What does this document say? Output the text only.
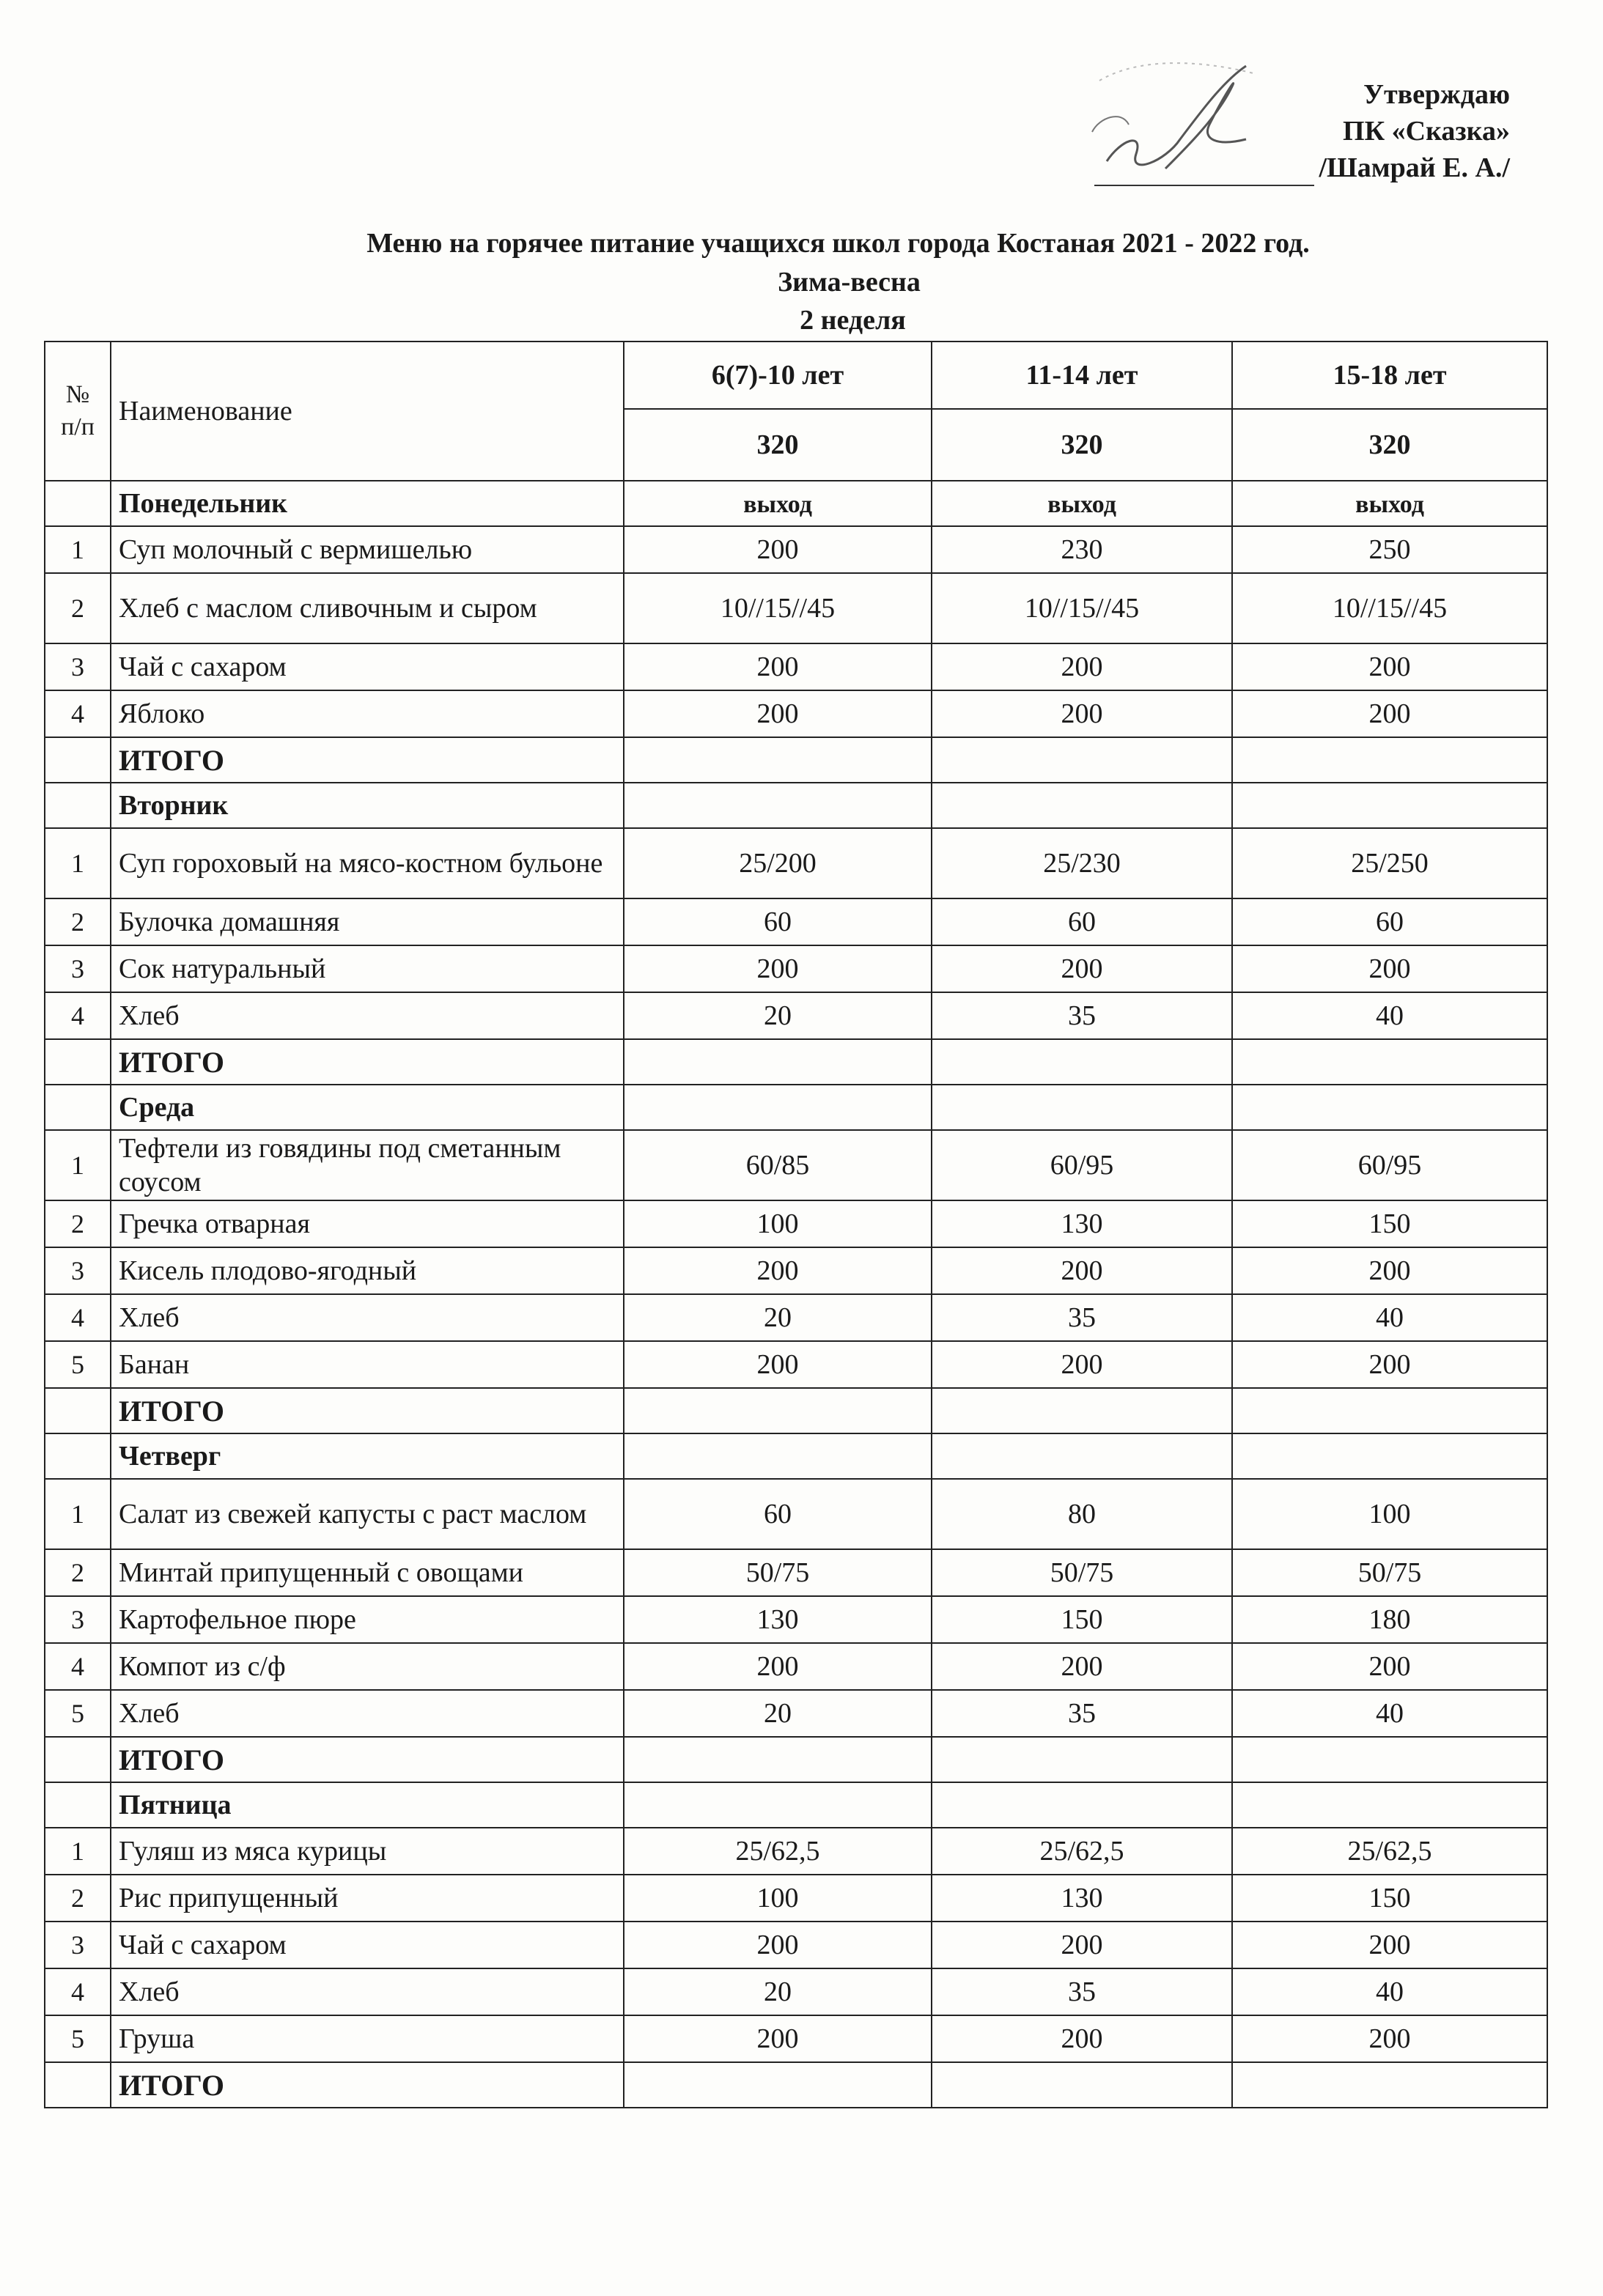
Утверждаю
ПК «Сказка»
/Шамрай Е. А./
Меню на горячее питание учащихся школ города Костаная 2021 - 2022 год.
Зима-весна
2 неделя
№ п/п	Наименование	6(7)-10 лет	11-14 лет	15-18 лет
		320	320	320
	Понедельник	выход	выход	выход
1	Суп молочный с вермишелью	200	230	250
2	Хлеб с маслом сливочным и сыром	10//15//45	10//15//45	10//15//45
3	Чай с сахаром	200	200	200
4	Яблоко	200	200	200
	ИТОГО			
	Вторник			
1	Суп гороховый на мясо-костном бульоне	25/200	25/230	25/250
2	Булочка домашняя	60	60	60
3	Сок натуральный	200	200	200
4	Хлеб	20	35	40
	ИТОГО			
	Среда			
1	Тефтели из говядины под сметанным соусом	60/85	60/95	60/95
2	Гречка отварная	100	130	150
3	Кисель плодово-ягодный	200	200	200
4	Хлеб	20	35	40
5	Банан	200	200	200
	ИТОГО			
	Четверг			
1	Салат из свежей капусты с раст маслом	60	80	100
2	Минтай припущенный с овощами	50/75	50/75	50/75
3	Картофельное пюре	130	150	180
4	Компот из с/ф	200	200	200
5	Хлеб	20	35	40
	ИТОГО			
	Пятница			
1	Гуляш из мяса курицы	25/62,5	25/62,5	25/62,5
2	Рис припущенный	100	130	150
3	Чай с сахаром	200	200	200
4	Хлеб	20	35	40
5	Груша	200	200	200
	ИТОГО			
